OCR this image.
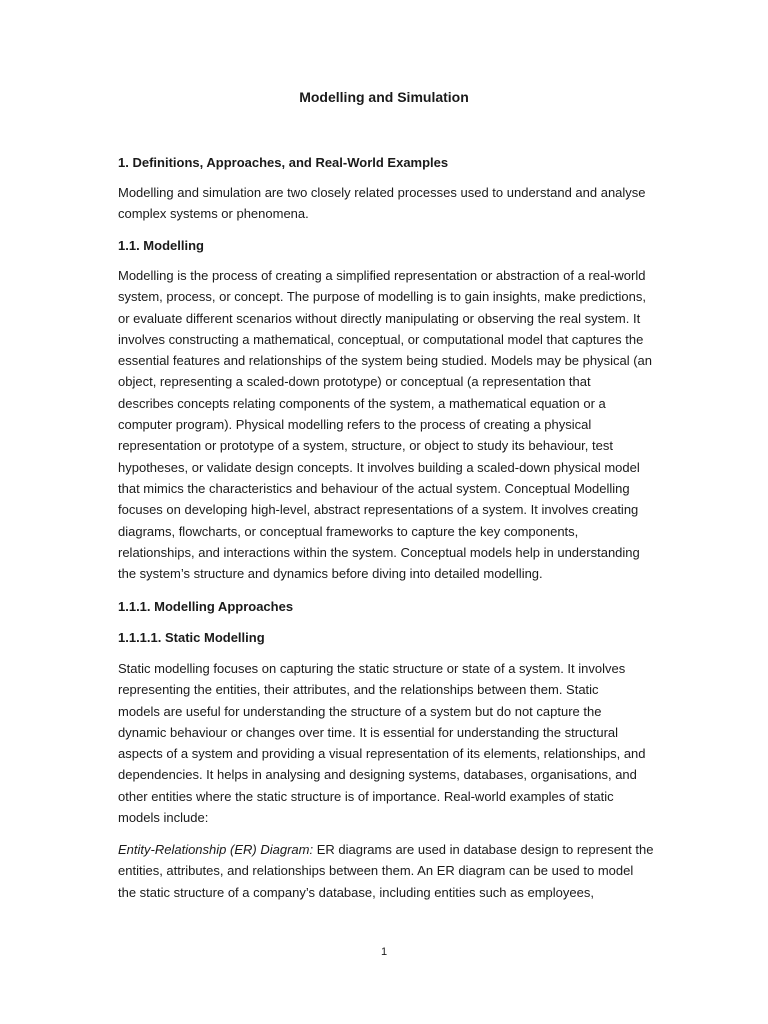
Modelling and Simulation
1. Definitions, Approaches, and Real-World Examples
Modelling and simulation are two closely related processes used to understand and analyse
complex systems or phenomena.
1.1. Modelling
Modelling is the process of creating a simplified representation or abstraction of a real-world
system, process, or concept. The purpose of modelling is to gain insights, make predictions,
or evaluate different scenarios without directly manipulating or observing the real system. It
involves constructing a mathematical, conceptual, or computational model that captures the
essential features and relationships of the system being studied. Models may be physical (an
object, representing a scaled-down prototype) or conceptual (a representation that
describes concepts relating components of the system, a mathematical equation or a
computer program). Physical modelling refers to the process of creating a physical
representation or prototype of a system, structure, or object to study its behaviour, test
hypotheses, or validate design concepts. It involves building a scaled-down physical model
that mimics the characteristics and behaviour of the actual system. Conceptual Modelling
focuses on developing high-level, abstract representations of a system. It involves creating
diagrams, flowcharts, or conceptual frameworks to capture the key components,
relationships, and interactions within the system. Conceptual models help in understanding
the system’s structure and dynamics before diving into detailed modelling.
1.1.1. Modelling Approaches
1.1.1.1. Static Modelling
Static modelling focuses on capturing the static structure or state of a system. It involves
representing the entities, their attributes, and the relationships between them. Static
models are useful for understanding the structure of a system but do not capture the
dynamic behaviour or changes over time. It is essential for understanding the structural
aspects of a system and providing a visual representation of its elements, relationships, and
dependencies. It helps in analysing and designing systems, databases, organisations, and
other entities where the static structure is of importance. Real-world examples of static
models include:
Entity-Relationship (ER) Diagram: ER diagrams are used in database design to represent the
entities, attributes, and relationships between them. An ER diagram can be used to model
the static structure of a company’s database, including entities such as employees,
1
